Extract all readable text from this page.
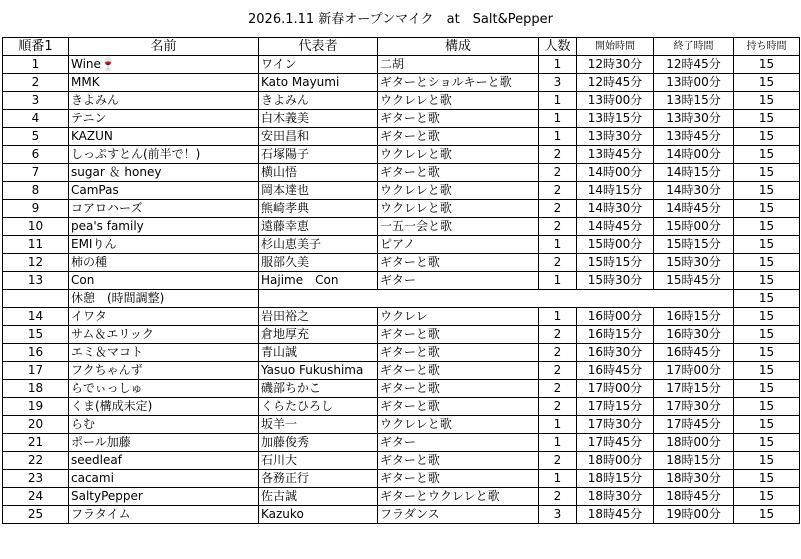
2026.1.11 新春オープンマイク　at　Salt&Pepper
順番1	名前	代表者	構成	人数	開始時間	終了時間	持ち時間
1	Wine🍷	ワイン	二胡	1	12時30分	12時45分	15
2	MMK	Kato Mayumi	ギターとショルキーと歌	3	12時45分	13時00分	15
3	きよみん	きよみん	ウクレレと歌	1	13時00分	13時15分	15
4	テニン	白木義美	ギターと歌	1	13時15分	13時30分	15
5	KAZUN	安田昌和	ギターと歌	1	13時30分	13時45分	15
6	しっぷすとん(前半で！)	石塚陽子	ウクレレと歌	2	13時45分	14時00分	15
7	sugar ＆ honey	横山悟	ギターと歌	2	14時00分	14時15分	15
8	CamPas	岡本達也	ウクレレと歌	2	14時15分	14時30分	15
9	コアロハーズ	熊崎孝典	ウクレレと歌	2	14時30分	14時45分	15
10	pea's family	遠藤幸恵	一五一会と歌	2	14時45分	15時00分	15
11	EMIりん	杉山恵美子	ピアノ	1	15時00分	15時15分	15
12	柿の種	服部久美	ギターと歌	2	15時15分	15時30分	15
13	Con	Hajime　Con	ギター	1	15時30分	15時45分	15
	休憩　(時間調整)						15
14	イワタ	岩田裕之	ウクレレ	1	16時00分	16時15分	15
15	サム＆エリック	倉地厚充	ギターと歌	2	16時15分	16時30分	15
16	エミ＆マコト	青山誠	ギターと歌	2	16時30分	16時45分	15
17	フクちゃんず	Yasuo Fukushima	ギターと歌	2	16時45分	17時00分	15
18	らでぃっしゅ	磯部ちかこ	ギターと歌	2	17時00分	17時15分	15
19	くま(構成未定)	くらたひろし	ギターと歌	2	17時15分	17時30分	15
20	らむ	坂羊一	ウクレレと歌	1	17時30分	17時45分	15
21	ポール加藤	加藤俊秀	ギター	1	17時45分	18時00分	15
22	seedleaf	石川大	ギターと歌	2	18時00分	18時15分	15
23	cacami	各務正行	ギターと歌	1	18時15分	18時30分	15
24	SaltyPepper	佐古誠	ギターとウクレレと歌	2	18時30分	18時45分	15
25	フラタイム	Kazuko	フラダンス	3	18時45分	19時00分	15
